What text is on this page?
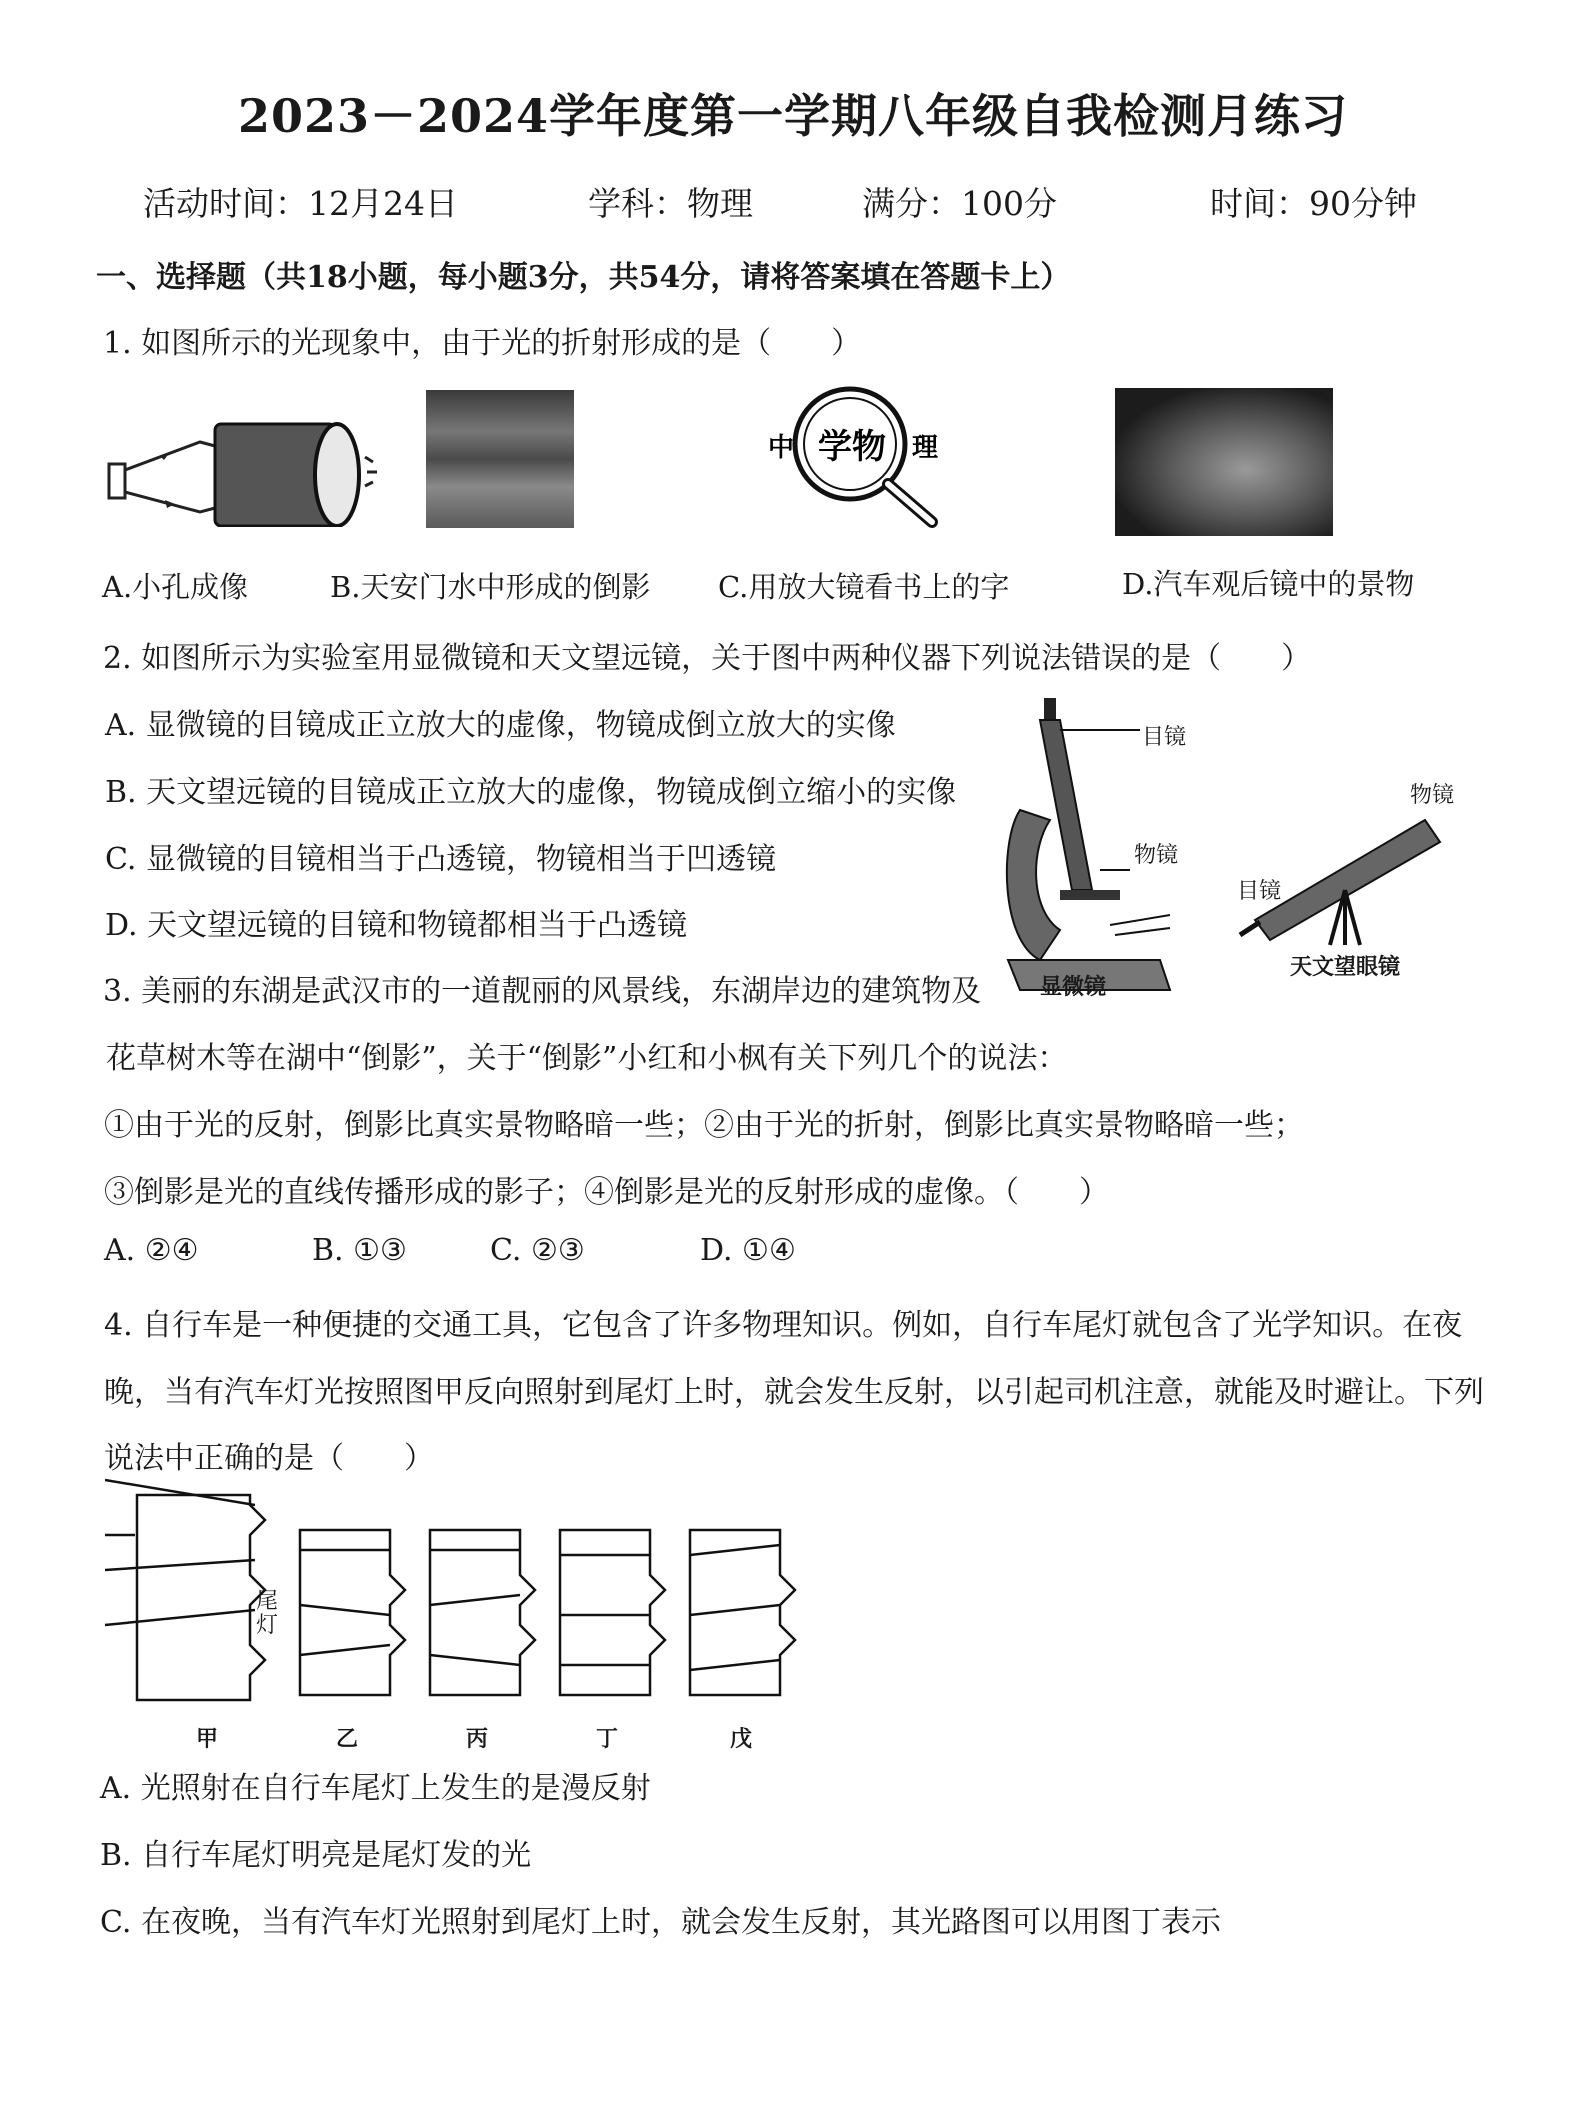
2023－2024学年度第一学期八年级自我检测月练习
活动时间：12月24日	学科：物理	满分：100分	时间：90分钟
一、选择题（共18小题，每小题3分，共54分，请将答案填在答题卡上）
1. 如图所示的光现象中，由于光的折射形成的是（　　）
中 学物 理
A.小孔成像	B.天安门水中形成的倒影 C.用放大镜看书上的字	D.汽车观后镜中的景物
2. 如图所示为实验室用显微镜和天文望远镜，关于图中两种仪器下列说法错误的是（　　）
A. 显微镜的目镜成正立放大的虚像，物镜成倒立放大的实像
B. 天文望远镜的目镜成正立放大的虚像，物镜成倒立缩小的实像
C. 显微镜的目镜相当于凸透镜，物镜相当于凹透镜
D. 天文望远镜的目镜和物镜都相当于凸透镜
目镜
物镜
显微镜
物镜
目镜
天文望眼镜
3. 美丽的东湖是武汉市的一道靓丽的风景线，东湖岸边的建筑物及
花草树木等在湖中“倒影”，关于“倒影”小红和小枫有关下列几个的说法：
①由于光的反射，倒影比真实景物略暗一些；②由于光的折射，倒影比真实景物略暗一些；
③倒影是光的直线传播形成的影子；④倒影是光的反射形成的虚像。（　　）
A. ②④	B. ①③	C. ②③	D. ①④
4. 自行车是一种便捷的交通工具，它包含了许多物理知识。例如，自行车尾灯就包含了光学知识。在夜
晚，当有汽车灯光按照图甲反向照射到尾灯上时，就会发生反射，以引起司机注意，就能及时避让。下列
说法中正确的是（　　）
尾灯
甲	乙	丙	丁	戊
A. 光照射在自行车尾灯上发生的是漫反射
B. 自行车尾灯明亮是尾灯发的光
C. 在夜晚，当有汽车灯光照射到尾灯上时，就会发生反射，其光路图可以用图丁表示
